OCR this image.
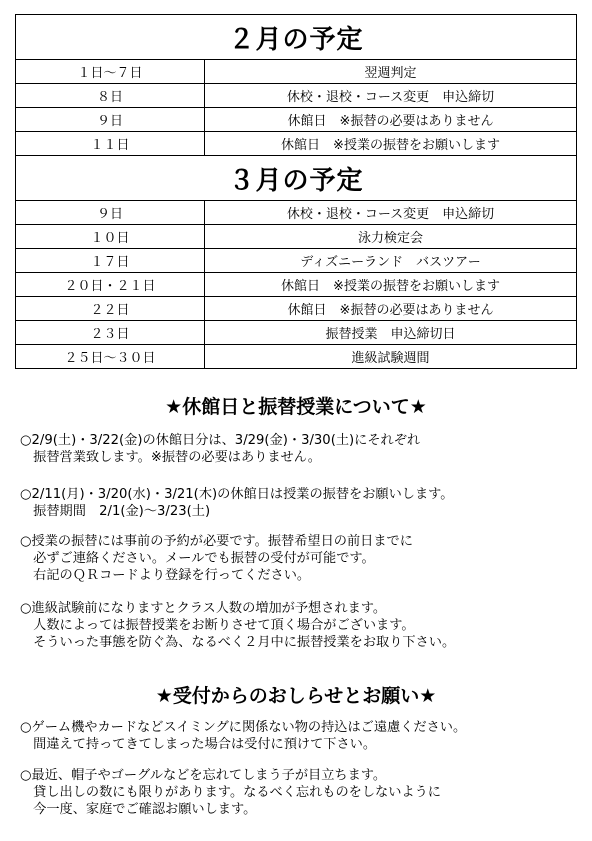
２月の予定
１日～７日	翌週判定
８日	休校・退校・コース変更　申込締切
９日	休館日　※振替の必要はありません
１１日	休館日　※授業の振替をお願いします
３月の予定
９日	休校・退校・コース変更　申込締切
１０日	泳力検定会
１７日	ディズニーランド　バスツアー
２０日・２１日	休館日　※授業の振替をお願いします
２２日	休館日　※振替の必要はありません
２３日	振替授業　申込締切日
２５日～３０日	進級試験週間
★休館日と振替授業について★
○2/9(土)・3/22(金)の休館日分は、3/29(金)・3/30(土)にそれぞれ
　振替営業致します。※振替の必要はありません。
○2/11(月)・3/20(水)・3/21(木)の休館日は授業の振替をお願いします。
　振替期間　2/1(金)～3/23(土)
○授業の振替には事前の予約が必要です。振替希望日の前日までに
　必ずご連絡ください。メールでも振替の受付が可能です。
　右記のＱＲコードより登録を行ってください。
○進級試験前になりますとクラス人数の増加が予想されます。
　人数によっては振替授業をお断りさせて頂く場合がございます。
　そういった事態を防ぐ為、なるべく２月中に振替授業をお取り下さい。
★受付からのおしらせとお願い★
○ゲーム機やカードなどスイミングに関係ない物の持込はご遠慮ください。
　間違えて持ってきてしまった場合は受付に預けて下さい。
○最近、帽子やゴーグルなどを忘れてしまう子が目立ちます。
　貸し出しの数にも限りがあります。なるべく忘れものをしないように
　今一度、家庭でご確認お願いします。
